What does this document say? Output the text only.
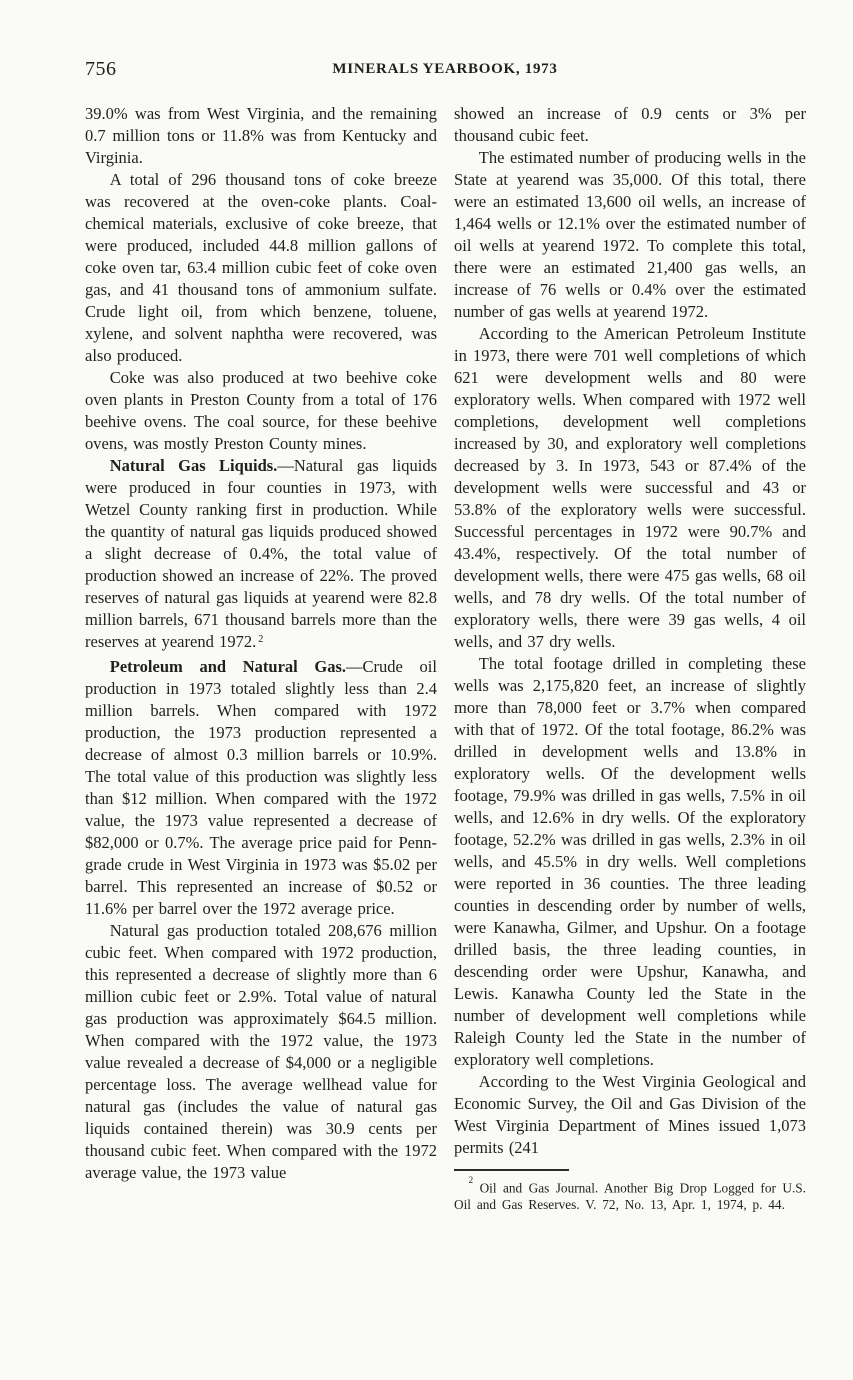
756	MINERALS YEARBOOK, 1973

39.0% was from West Virginia, and the remaining 0.7 million tons or 11.8% was from Kentucky and Virginia.

A total of 296 thousand tons of coke breeze was recovered at the oven-coke plants. Coal-chemical materials, exclusive of coke breeze, that were produced, included 44.8 million gallons of coke oven tar, 63.4 million cubic feet of coke oven gas, and 41 thousand tons of ammonium sulfate. Crude light oil, from which benzene, toluene, xylene, and solvent naphtha were recovered, was also produced.

Coke was also produced at two beehive coke oven plants in Preston County from a total of 176 beehive ovens. The coal source, for these beehive ovens, was mostly Preston County mines.

Natural Gas Liquids.—Natural gas liquids were produced in four counties in 1973, with Wetzel County ranking first in production. While the quantity of natural gas liquids produced showed a slight decrease of 0.4%, the total value of production showed an increase of 22%. The proved reserves of natural gas liquids at yearend were 82.8 million barrels, 671 thousand barrels more than the reserves at yearend 1972. $^2$

Petroleum and Natural Gas.—Crude oil production in 1973 totaled slightly less than 2.4 million barrels. When compared with 1972 production, the 1973 production represented a decrease of almost 0.3 million barrels or 10.9%. The total value of this production was slightly less than $12 million. When compared with the 1972 value, the 1973 value represented a decrease of $82,000 or 0.7%. The average price paid for Penn-grade crude in West Virginia in 1973 was $5.02 per barrel. This represented an increase of $0.52 or 11.6% per barrel over the 1972 average price.

Natural gas production totaled 208,676 million cubic feet. When compared with 1972 production, this represented a decrease of slightly more than 6 million cubic feet or 2.9%. Total value of natural gas production was approximately $64.5 million. When compared with the 1972 value, the 1973 value revealed a decrease of $4,000 or a negligible percentage loss. The average wellhead value for natural gas (includes the value of natural gas liquids contained therein) was 30.9 cents per thousand cubic feet. When compared with the 1972 average value, the 1973 value

showed an increase of 0.9 cents or 3% per thousand cubic feet.

The estimated number of producing wells in the State at yearend was 35,000. Of this total, there were an estimated 13,600 oil wells, an increase of 1,464 wells or 12.1% over the estimated number of oil wells at yearend 1972. To complete this total, there were an estimated 21,400 gas wells, an increase of 76 wells or 0.4% over the estimated number of gas wells at yearend 1972.

According to the American Petroleum Institute in 1973, there were 701 well completions of which 621 were development wells and 80 were exploratory wells. When compared with 1972 well completions, development well completions increased by 30, and exploratory well completions decreased by 3. In 1973, 543 or 87.4% of the development wells were successful and 43 or 53.8% of the exploratory wells were successful. Successful percentages in 1972 were 90.7% and 43.4%, respectively. Of the total number of development wells, there were 475 gas wells, 68 oil wells, and 78 dry wells. Of the total number of exploratory wells, there were 39 gas wells, 4 oil wells, and 37 dry wells.

The total footage drilled in completing these wells was 2,175,820 feet, an increase of slightly more than 78,000 feet or 3.7% when compared with that of 1972. Of the total footage, 86.2% was drilled in development wells and 13.8% in exploratory wells. Of the development wells footage, 79.9% was drilled in gas wells, 7.5% in oil wells, and 12.6% in dry wells. Of the exploratory footage, 52.2% was drilled in gas wells, 2.3% in oil wells, and 45.5% in dry wells. Well completions were reported in 36 counties. The three leading counties in descending order by number of wells, were Kanawha, Gilmer, and Upshur. On a footage drilled basis, the three leading counties, in descending order were Upshur, Kanawha, and Lewis. Kanawha County led the State in the number of development well completions while Raleigh County led the State in the number of exploratory well completions.

According to the West Virginia Geological and Economic Survey, the Oil and Gas Division of the West Virginia Department of Mines issued 1,073 permits (241

$^2$ Oil and Gas Journal. Another Big Drop Logged for U.S. Oil and Gas Reserves. V. 72, No. 13, Apr. 1, 1974, p. 44.
